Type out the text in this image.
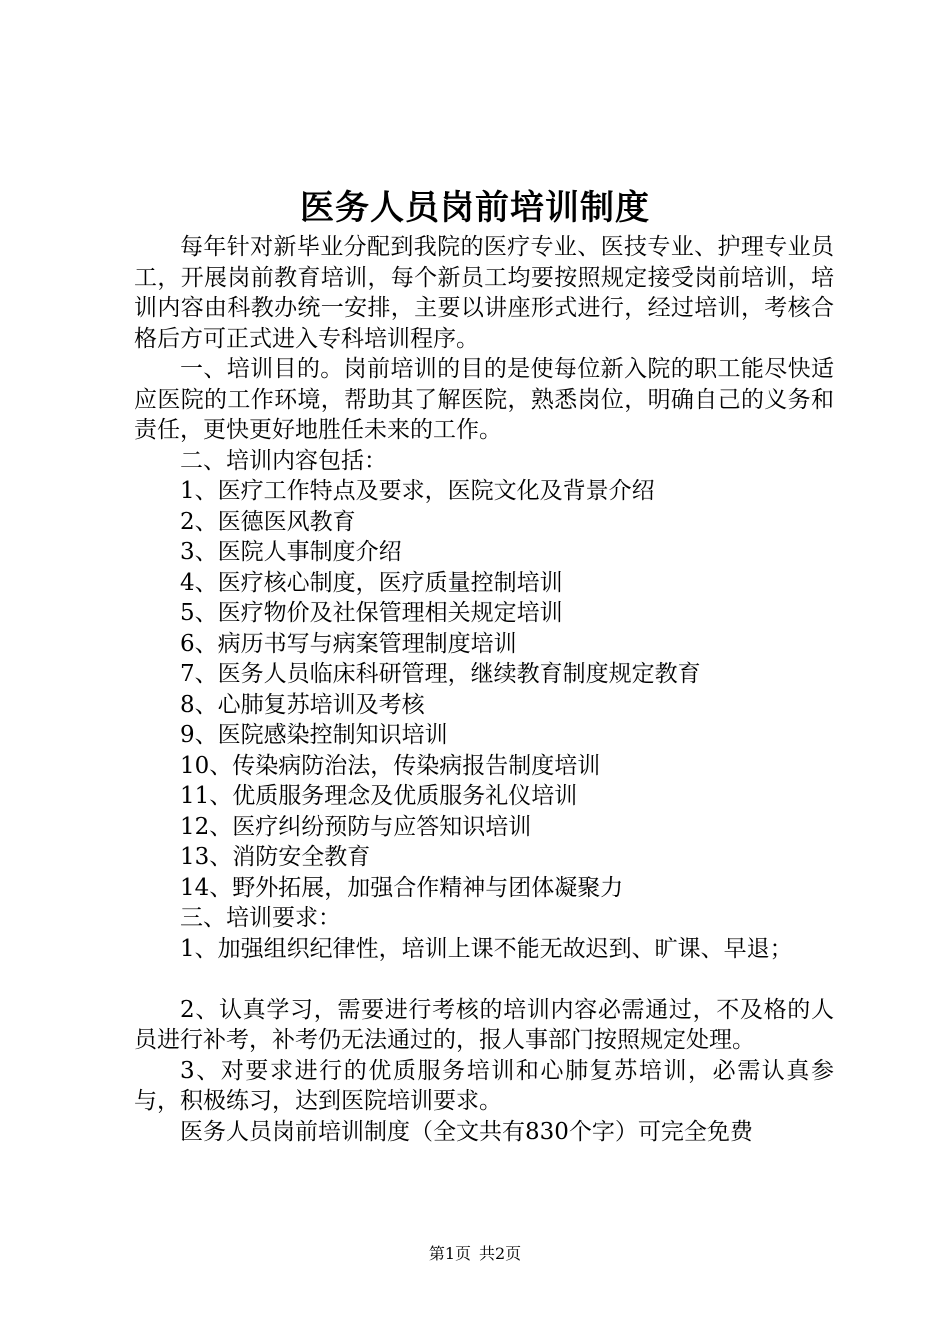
医务人员岗前培训制度

每年针对新毕业分配到我院的医疗专业、医技专业、护理专业员工，开展岗前教育培训，每个新员工均要按照规定接受岗前培训，培训内容由科教办统一安排，主要以讲座形式进行，经过培训，考核合格后方可正式进入专科培训程序。

一、培训目的。岗前培训的目的是使每位新入院的职工能尽快适应医院的工作环境，帮助其了解医院，熟悉岗位，明确自己的义务和责任，更快更好地胜任未来的工作。

二、培训内容包括：

1、医疗工作特点及要求，医院文化及背景介绍

2、医德医风教育

3、医院人事制度介绍

4、医疗核心制度，医疗质量控制培训

5、医疗物价及社保管理相关规定培训

6、病历书写与病案管理制度培训

7、医务人员临床科研管理，继续教育制度规定教育

8、心肺复苏培训及考核

9、医院感染控制知识培训

10、传染病防治法，传染病报告制度培训

11、优质服务理念及优质服务礼仪培训

12、医疗纠纷预防与应答知识培训

13、消防安全教育

14、野外拓展，加强合作精神与团体凝聚力

三、培训要求：

1、加强组织纪律性，培训上课不能无故迟到、旷课、早退；

2、认真学习，需要进行考核的培训内容必需通过，不及格的人员进行补考，补考仍无法通过的，报人事部门按照规定处理。

3、对要求进行的优质服务培训和心肺复苏培训，必需认真参与，积极练习，达到医院培训要求。

医务人员岗前培训制度（全文共有830个字）可完全免费

第1页 共2页
